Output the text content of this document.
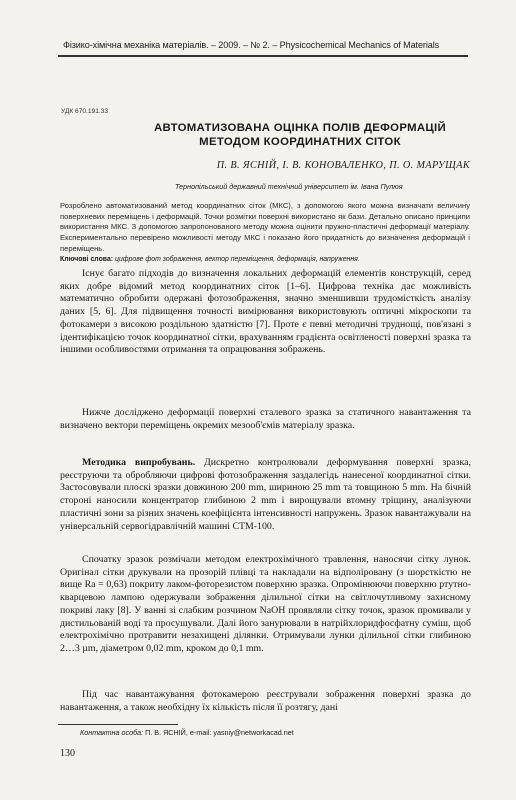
Фізико-хімічна механіка матеріалів. – 2009. – № 2. – Physicochemical Mechanics of Materials
УДК 670.191.33
АВТОМАТИЗОВАНА ОЦІНКА ПОЛІВ ДЕФОРМАЦІЙ
МЕТОДОМ КООРДИНАТНИХ СІТОК
П. В. ЯСНІЙ, І. В. КОНОВАЛЕНКО, П. О. МАРУЩАК
Тернопільський державний технічний університет ім. Івана Пулюя
Розроблено автоматизований метод координатних сіток (МКС), з допомогою якого можна визначати величину поверхневих переміщень і деформацій. Точки розмітки поверхні використано як бази. Детально описано принципи використання МКС. З допомогою запропонованого методу можна оцінити пружно-пластичні деформації матеріалу. Експериментально перевірено можливості методу МКС і показано його придатність до визначення деформацій і переміщень.
Ключові слова: цифрове фот зображення, вектор переміщення, деформація, напруження.

Існує багато підходів до визначення локальних деформацій елементів конструкцій, серед яких добре відомий метод координатних сіток [1–6]. Цифрова техніка дає можливість математично обробити одержані фотозображення, значно зменшивши трудомісткість аналізу даних [5, 6]. Для підвищення точності вимірювання використовують оптичні мікроскопи та фотокамери з високою роздільною здатністю [7]. Проте є певні методичні труднощі, пов'язані з ідентифікацією точок координатної сітки, врахуванням градієнта освітленості поверхні зразка та іншими особливостями отримання та опрацювання зображень.

Нижче досліджено деформації поверхні сталевого зразка за статичного навантаження та визначено вектори переміщень окремих мезооб'ємів матеріалу зразка.

Методика випробувань. Дискретно контролювали деформування поверхні зразка, реєструючи та обробляючи цифрові фотозображення заздалегідь нанесеної координатної сітки. Застосовували плоскі зразки довжиною 200 mm, шириною 25 mm та товщиною 5 mm. На бічній стороні наносили концентратор глибиною 2 mm і вирощували втомну тріщину, аналізуючи пластичні зони за різних значень коефіцієнта інтенсивності напружень. Зразок навантажували на універсальній сервогідравлічній машині СТМ-100.

Спочатку зразок розмічали методом електрохімічного травлення, наносячи сітку лунок. Оригінал сітки друкували на прозорій плівці та накладали на відполіровану (з шорсткістю не вище Ra = 0,63) покриту лаком-фоторезистом поверхню зразка. Опромінюючи поверхню ртутно-кварцевою лампою одержували зображення ділильної сітки на світлочутливому захисному покриві лаку [8]. У ванні зі слабким розчином NaOH проявляли сітку точок, зразок промивали у дистильованій воді та просушували. Далі його занурювали в натрійхлоридфосфатну суміш, щоб електрохімічно протравити незахищені ділянки. Отримували лунки ділильної сітки глибиною 2…3 µm, діаметром 0,02 mm, кроком до 0,1 mm.

Під час навантажування фотокамерою реєстрували зображення поверхні зразка до навантаження, а також необхідну їх кількість після її розтягу, дані

Контактна особа: П. В. ЯСНІЙ, e-mail: yasniy@networkacad.net
130
